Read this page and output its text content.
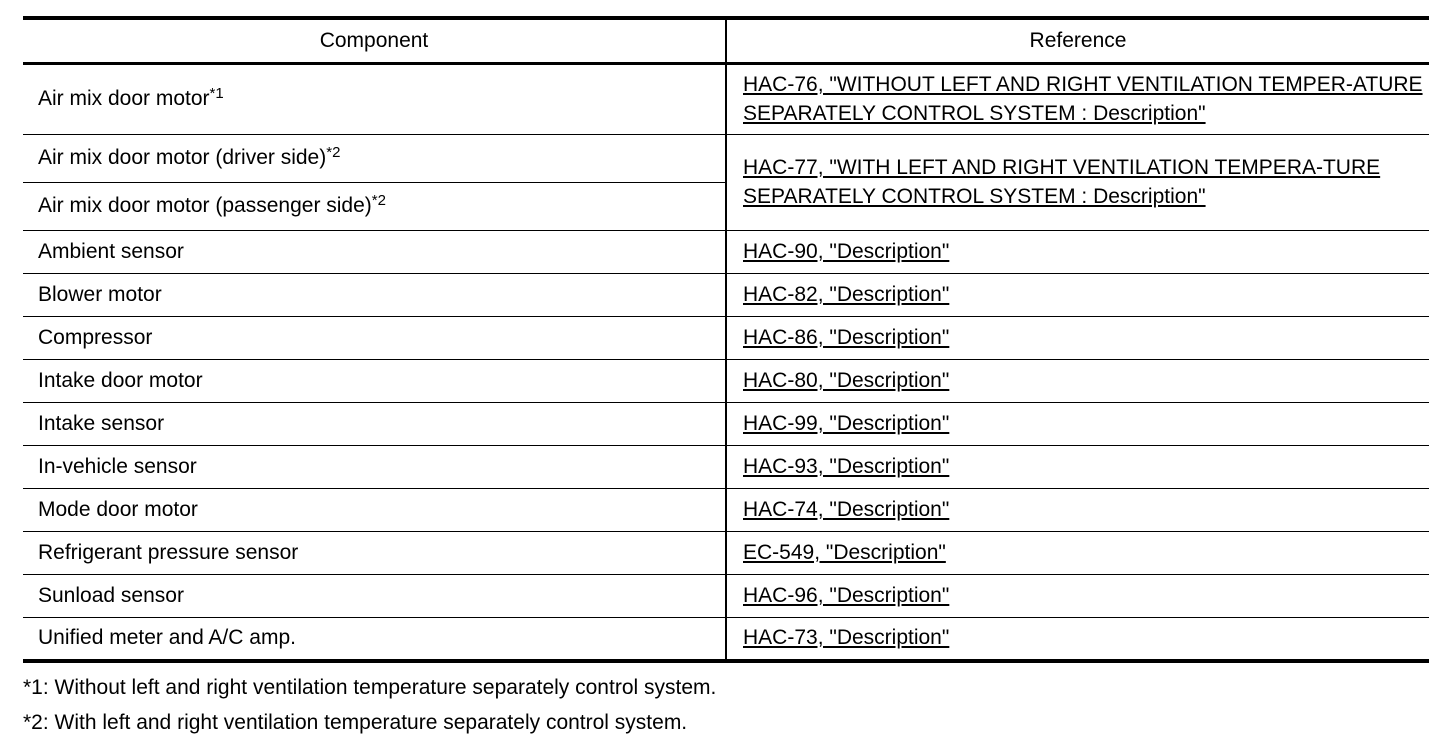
Component	Reference
Air mix door motor$^{*1}$	HAC-76, "WITHOUT LEFT AND RIGHT VENTILATION TEMPER-ATURE SEPARATELY CONTROL SYSTEM : Description"
Air mix door motor (driver side)$^{*2}$	HAC-77, "WITH LEFT AND RIGHT VENTILATION TEMPERA-TURE SEPARATELY CONTROL SYSTEM : Description"
Air mix door motor (passenger side)$^{*2}$
Ambient sensor	HAC-90, "Description"
Blower motor	HAC-82, "Description"
Compressor	HAC-86, "Description"
Intake door motor	HAC-80, "Description"
Intake sensor	HAC-99, "Description"
In-vehicle sensor	HAC-93, "Description"
Mode door motor	HAC-74, "Description"
Refrigerant pressure sensor	EC-549, "Description"
Sunload sensor	HAC-96, "Description"
Unified meter and A/C amp.	HAC-73, "Description"
*1: Without left and right ventilation temperature separately control system.
*2: With left and right ventilation temperature separately control system.
